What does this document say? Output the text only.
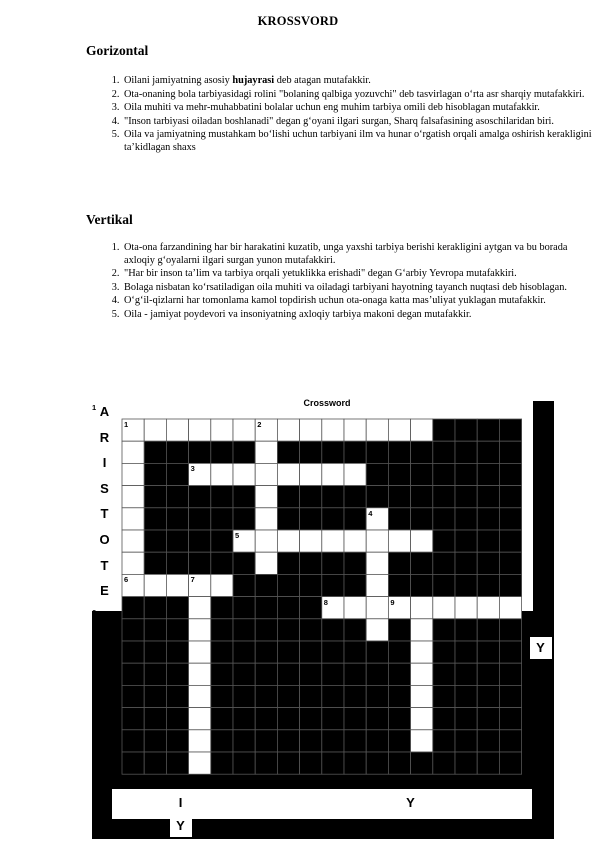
KROSSVORD
Gorizontal
1. Oilani jamiyatning asosiy hujayrasi deb atagan mutafakkir.
2. Ota-onaning bola tarbiyasidagi rolini "bolaning qalbiga yozuvchi" deb tasvirlagan o‘rta asr sharqiy mutafakkiri.
3. Oila muhiti va mehr-muhabbatini bolalar uchun eng muhim tarbiya omili deb hisoblagan mutafakkir.
4. "Inson tarbiyasi oiladan boshlanadi" degan g‘oyani ilgari surgan, Sharq falsafasining asoschilaridan biri.
5. Oila va jamiyatning mustahkam bo‘lishi uchun tarbiyani ilm va hunar o‘rgatish orqali amalga oshirish kerakligini ta’kidlagan shaxs
Vertikal
1. Ota-ona farzandining har bir harakatini kuzatib, unga yaxshi tarbiya berishi kerakligini aytgan va bu borada axloqiy g‘oyalarni ilgari surgan yunon mutafakkiri.
2. "Har bir inson ta’lim va tarbiya orqali yetuklikka erishadi" degan G‘arbiy Yevropa mutafakkiri.
3. Bolaga nisbatan ko‘rsatiladigan oila muhiti va oiladagi tarbiyani hayotning tayanch nuqtasi deb hisoblagan.
4. O‘g‘il-qizlarni har tomonlama kamol topdirish uchun ota-onaga katta mas’uliyat yuklagan mutafakkir.
5. Oila - jamiyat poydevori va insoniyatning axloqiy tarbiya makoni degan mutafakkir.
Crossword
1	2
3
4
5
6	7
8	9
A
1
R
I
S
T
O
T
E
L
6
I
Y
Y
Y
